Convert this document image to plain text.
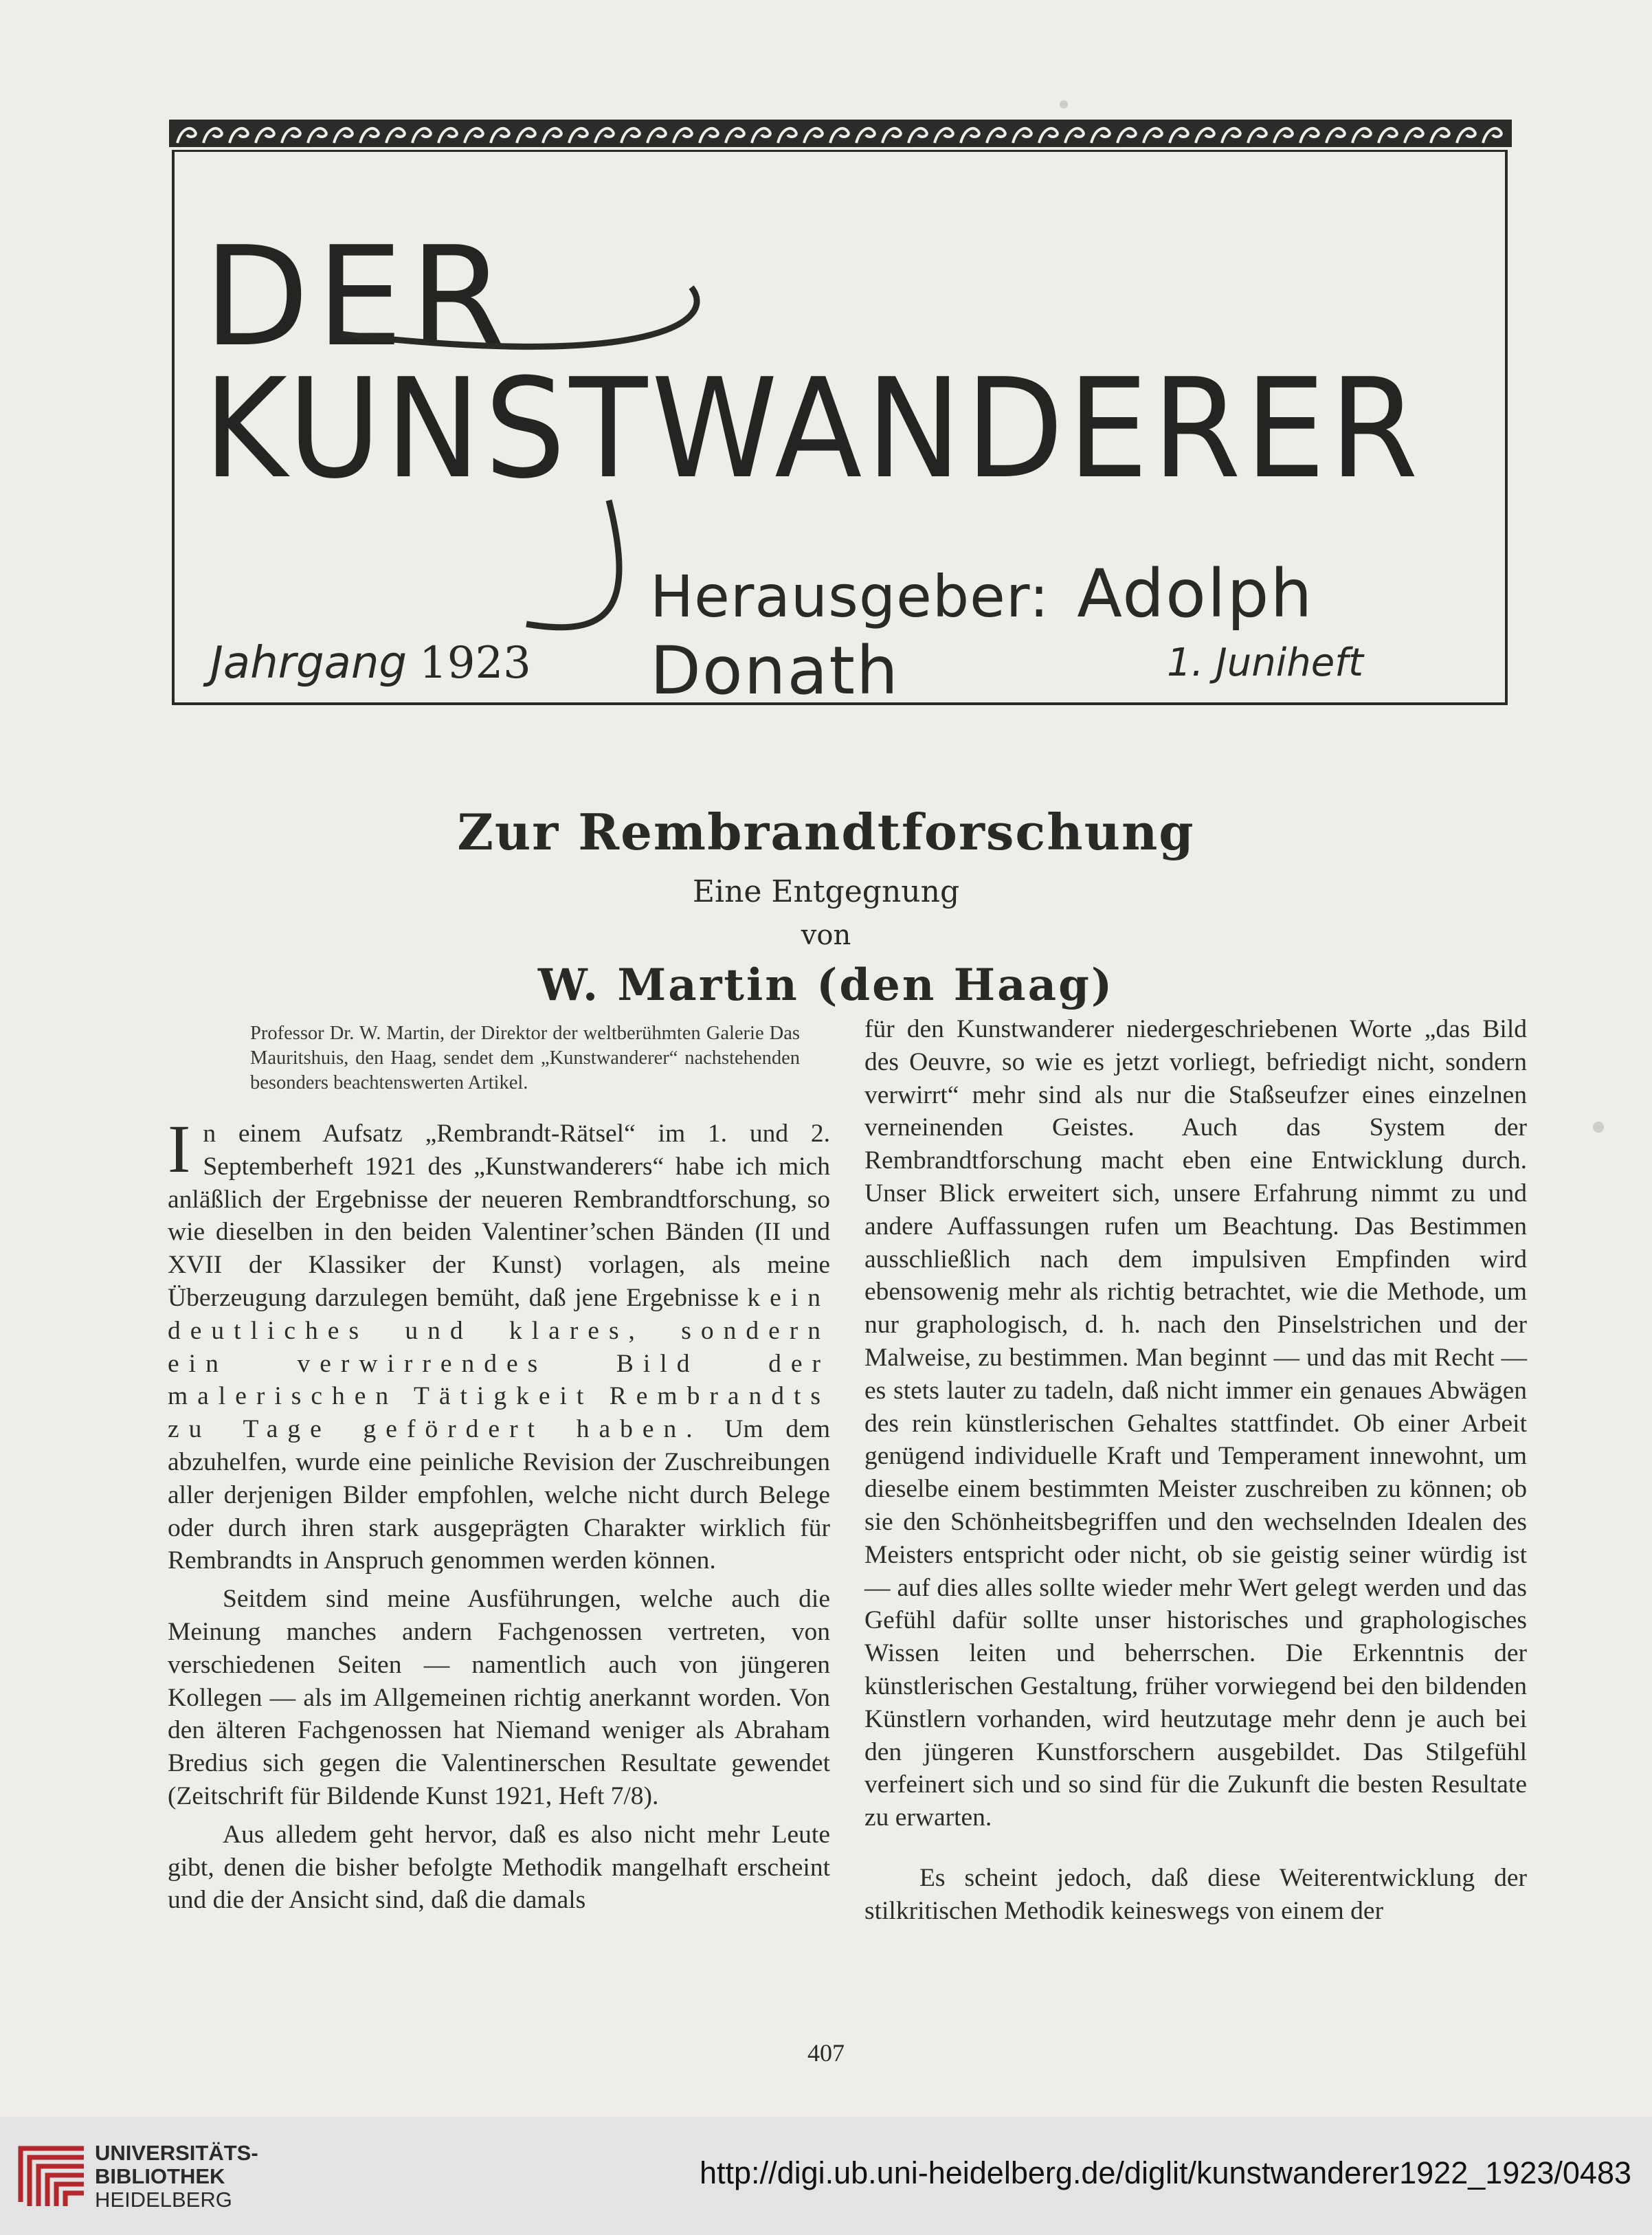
DER
KUNSTWANDERER
Herausgeber: Adolph Donath
Jahrgang 1923	1. Juniheft
Zur Rembrandtforschung
Eine Entgegnung
von
W. Martin (den Haag)

Professor Dr. W. Martin, der Direktor der weltberühmten Galerie Das Mauritshuis, den Haag, sendet dem „Kunstwanderer“ nachstehenden besonders beachtenswerten Artikel.

In einem Aufsatz „Rembrandt-Rätsel“ im 1. und 2. Septemberheft 1921 des „Kunstwanderers“ habe ich mich anläßlich der Ergebnisse der neueren Rembrandtforschung, so wie dieselben in den beiden Valentiner’schen Bänden (II und XVII der Klassiker der Kunst) vorlagen, als meine Überzeugung darzulegen bemüht, daß jene Ergebnisse kein deutliches und klares, sondern ein verwirrendes Bild der malerischen Tätigkeit Rembrandts zu Tage gefördert haben. Um dem abzuhelfen, wurde eine peinliche Revision der Zuschreibungen aller derjenigen Bilder empfohlen, welche nicht durch Belege oder durch ihren stark ausgeprägten Charakter wirklich für Rembrandts in Anspruch genommen werden können.

Seitdem sind meine Ausführungen, welche auch die Meinung manches andern Fachgenossen vertreten, von verschiedenen Seiten — namentlich auch von jüngeren Kollegen — als im Allgemeinen richtig anerkannt worden. Von den älteren Fachgenossen hat Niemand weniger als Abraham Bredius sich gegen die Valentinerschen Resultate gewendet (Zeitschrift für Bildende Kunst 1921, Heft 7/8).

Aus alledem geht hervor, daß es also nicht mehr Leute gibt, denen die bisher befolgte Methodik mangelhaft erscheint und die der Ansicht sind, daß die damals

für den Kunstwanderer niedergeschriebenen Worte „das Bild des Oeuvre, so wie es jetzt vorliegt, befriedigt nicht, sondern verwirrt“ mehr sind als nur die Staßseufzer eines einzelnen verneinenden Geistes. Auch das System der Rembrandtforschung macht eben eine Entwicklung durch. Unser Blick erweitert sich, unsere Erfahrung nimmt zu und andere Auffassungen rufen um Beachtung. Das Bestimmen ausschließlich nach dem impulsiven Empfinden wird ebensowenig mehr als richtig betrachtet, wie die Methode, um nur graphologisch, d. h. nach den Pinselstrichen und der Malweise, zu bestimmen. Man beginnt — und das mit Recht — es stets lauter zu tadeln, daß nicht immer ein genaues Abwägen des rein künstlerischen Gehaltes stattfindet. Ob einer Arbeit genügend individuelle Kraft und Temperament innewohnt, um dieselbe einem bestimmten Meister zuschreiben zu können; ob sie den Schönheitsbegriffen und den wechselnden Idealen des Meisters entspricht oder nicht, ob sie geistig seiner würdig ist — auf dies alles sollte wieder mehr Wert gelegt werden und das Gefühl dafür sollte unser historisches und graphologisches Wissen leiten und beherrschen. Die Erkenntnis der künstlerischen Gestaltung, früher vorwiegend bei den bildenden Künstlern vorhanden, wird heutzutage mehr denn je auch bei den jüngeren Kunstforschern ausgebildet. Das Stilgefühl verfeinert sich und so sind für die Zukunft die besten Resultate zu erwarten.

Es scheint jedoch, daß diese Weiterentwicklung der stilkritischen Methodik keineswegs von einem der

407
UNIVERSITÄTS-
BIBLIOTHEK
HEIDELBERG
http://digi.ub.uni-heidelberg.de/diglit/kunstwanderer1922_1923/0483
